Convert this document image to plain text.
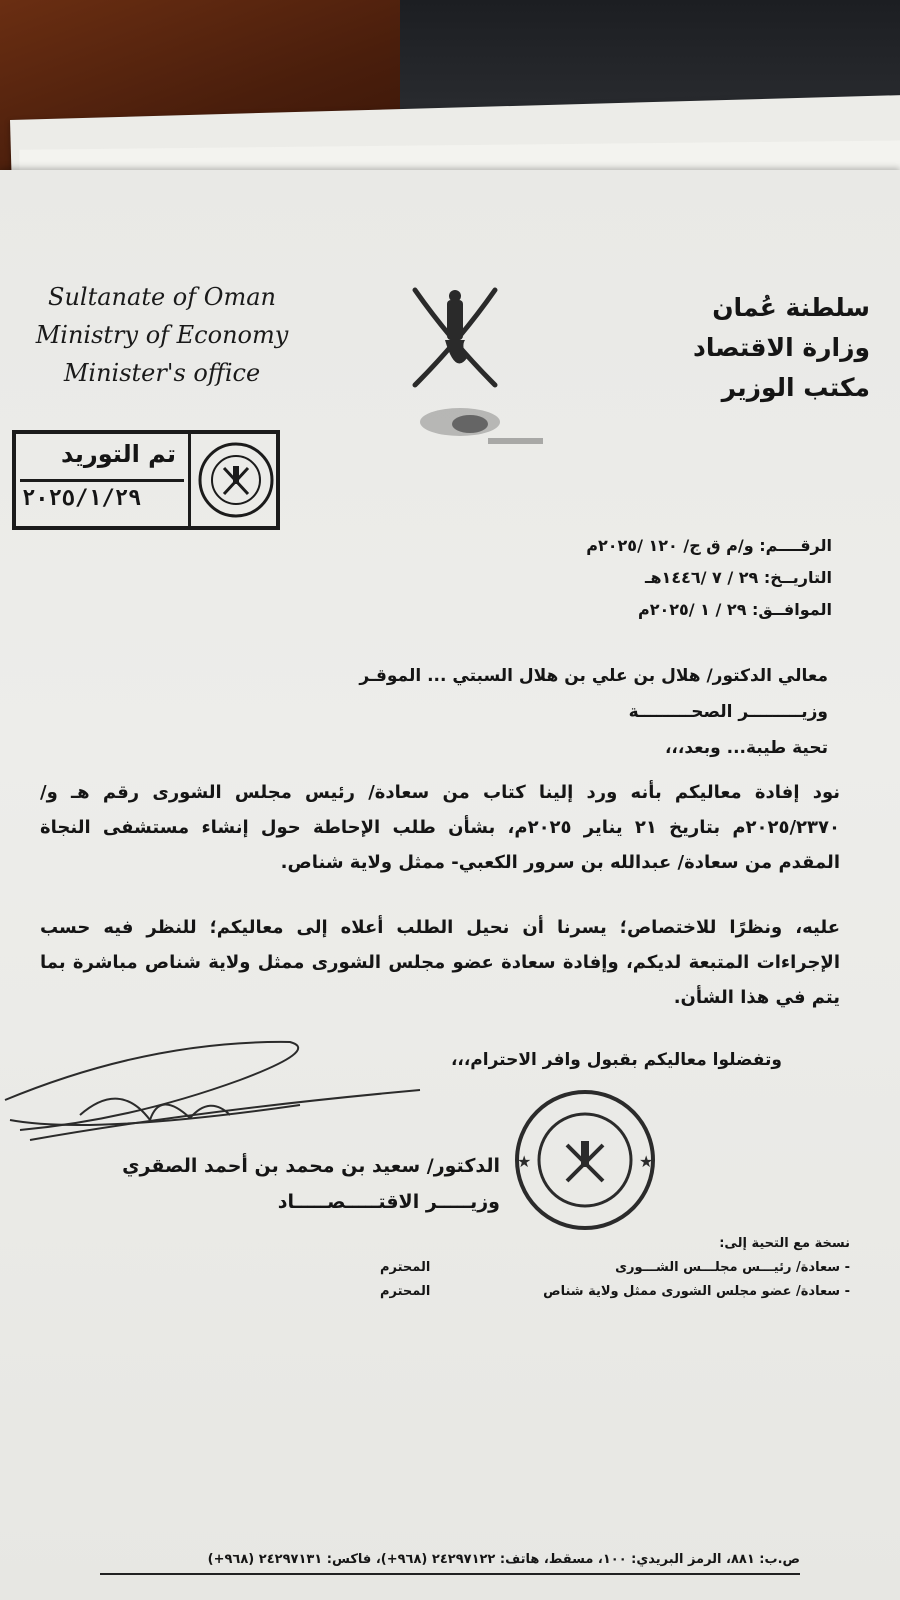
Sultanate of Oman
Ministry of Economy
Minister's office
سلطنة عُمان
وزارة الاقتصاد
مكتب الوزير
تم التوريد
٢٠٢٥/١/٢٩
الرقــــم: و/م ق ج/ ١٢٠ /٢٠٢٥م
التاريــخ: ٢٩ / ٧ /١٤٤٦هـ
الموافــق: ٢٩ / ١ /٢٠٢٥م
معالي الدكتور/ هلال بن علي بن هلال السبتي ... الموقـر
وزيـــــــــر الصحـــــــــة
تحية طيبة... وبعد،،،
نود إفادة معاليكم بأنه ورد إلينا كتاب من سعادة/ رئيس مجلس الشورى رقم هـ و/ ٢٠٢٥/٢٣٧٠م بتاريخ ٢١ يناير ٢٠٢٥م، بشأن طلب الإحاطة حول إنشاء مستشفى النجاة المقدم من سعادة/ عبدالله بن سرور الكعبي- ممثل ولاية شناص.
عليه، ونظرًا للاختصاص؛ يسرنا أن نحيل الطلب أعلاه إلى معاليكم؛ للنظر فيه حسب الإجراءات المتبعة لديكم، وإفادة سعادة عضو مجلس الشورى ممثل ولاية شناص مباشرة بما يتم في هذا الشأن.
وتفضلوا معاليكم بقبول وافر الاحترام،،،
★	★
الدكتور/ سعيد بن محمد بن أحمد الصقري
وزيـــــر الاقتـــــصـــــاد
نسخة مع التحية إلى:
- سعادة/ رئيـــس مجلـــس الشـــورى
المحترم
- سعادة/ عضو مجلس الشورى ممثل ولاية شناص
المحترم
ص.ب: ٨٨١، الرمز البريدي: ١٠٠، مسقط، هاتف: ٢٤٢٩٧١٢٢ (٩٦٨+)، فاكس: ٢٤٢٩٧١٣١ (٩٦٨+)
